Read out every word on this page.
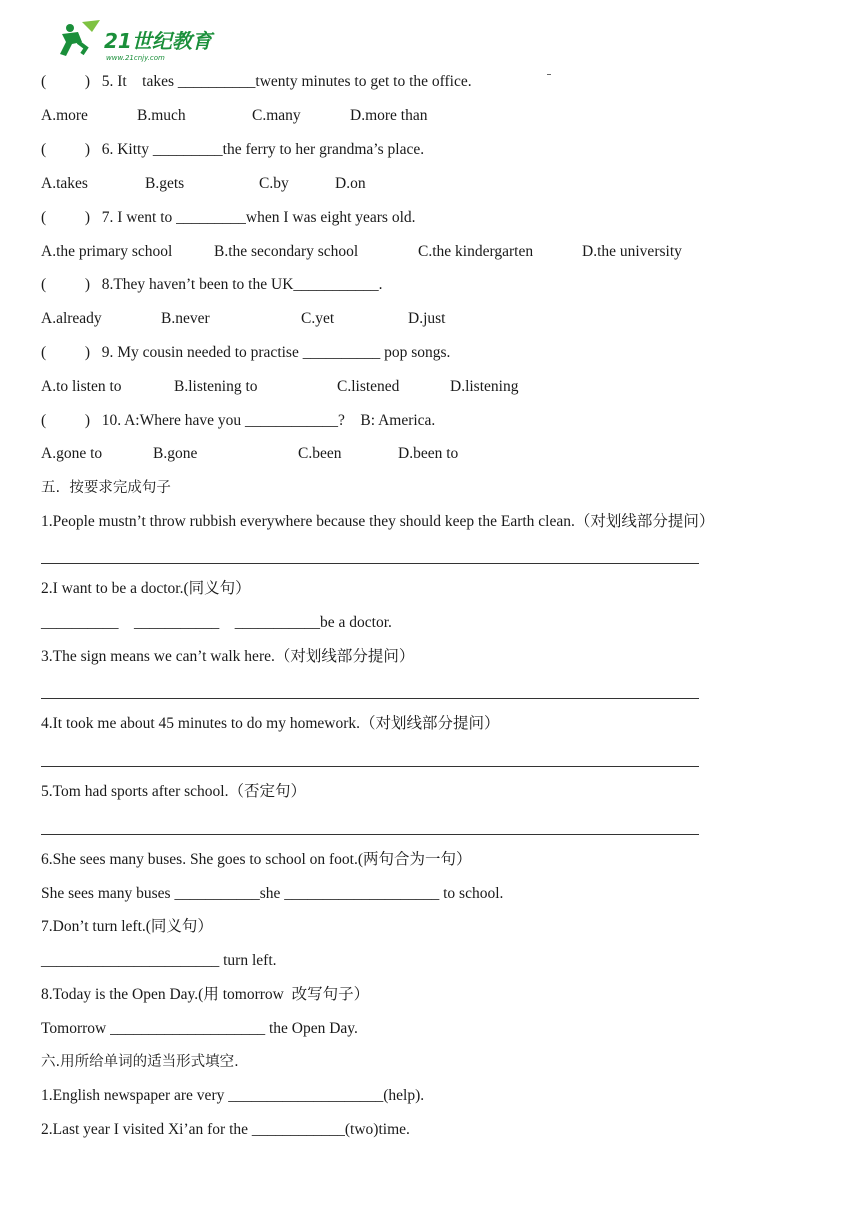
21世纪教育
www.21cnjy.com
(          )   5. It    takes __________twenty minutes to get to the office.
A.more	B.much	C.many	D.more than
(          )   6. Kitty _________the ferry to her grandma’s place.
A.takes	B.gets	C.by	D.on
(          )   7. I went to _________when I was eight years old.
A.the primary school	B.the secondary school	C.the kindergarten	D.the university
(          )   8.They haven’t been to the UK___________.
A.already	B.never	C.yet	D.just
(          )   9. My cousin needed to practise __________ pop songs.
A.to listen to	B.listening to	C.listened	D.listening
(          )   10. A:Where have you ____________?    B: America.
A.gone to	B.gone	C.been	D.been to
五.  按要求完成句子
1.People mustn’t throw rubbish everywhere because they should keep the Earth clean.（对划线部分提问）
2.I want to be a doctor.(同义句）
__________    ___________    ___________be a doctor.
3.The sign means we can’t walk here.（对划线部分提问）
4.It took me about 45 minutes to do my homework.（对划线部分提问）
5.Tom had sports after school.（否定句）
6.She sees many buses. She goes to school on foot.(两句合为一句）
She sees many buses ___________she ____________________ to school.
7.Don’t turn left.(同义句）
_______________________ turn left.
8.Today is the Open Day.(用 tomorrow  改写句子）
Tomorrow ____________________ the Open Day.
六.用所给单词的适当形式填空.
1.English newspaper are very ____________________(help).
2.Last year I visited Xi’an for the ____________(two)time.
